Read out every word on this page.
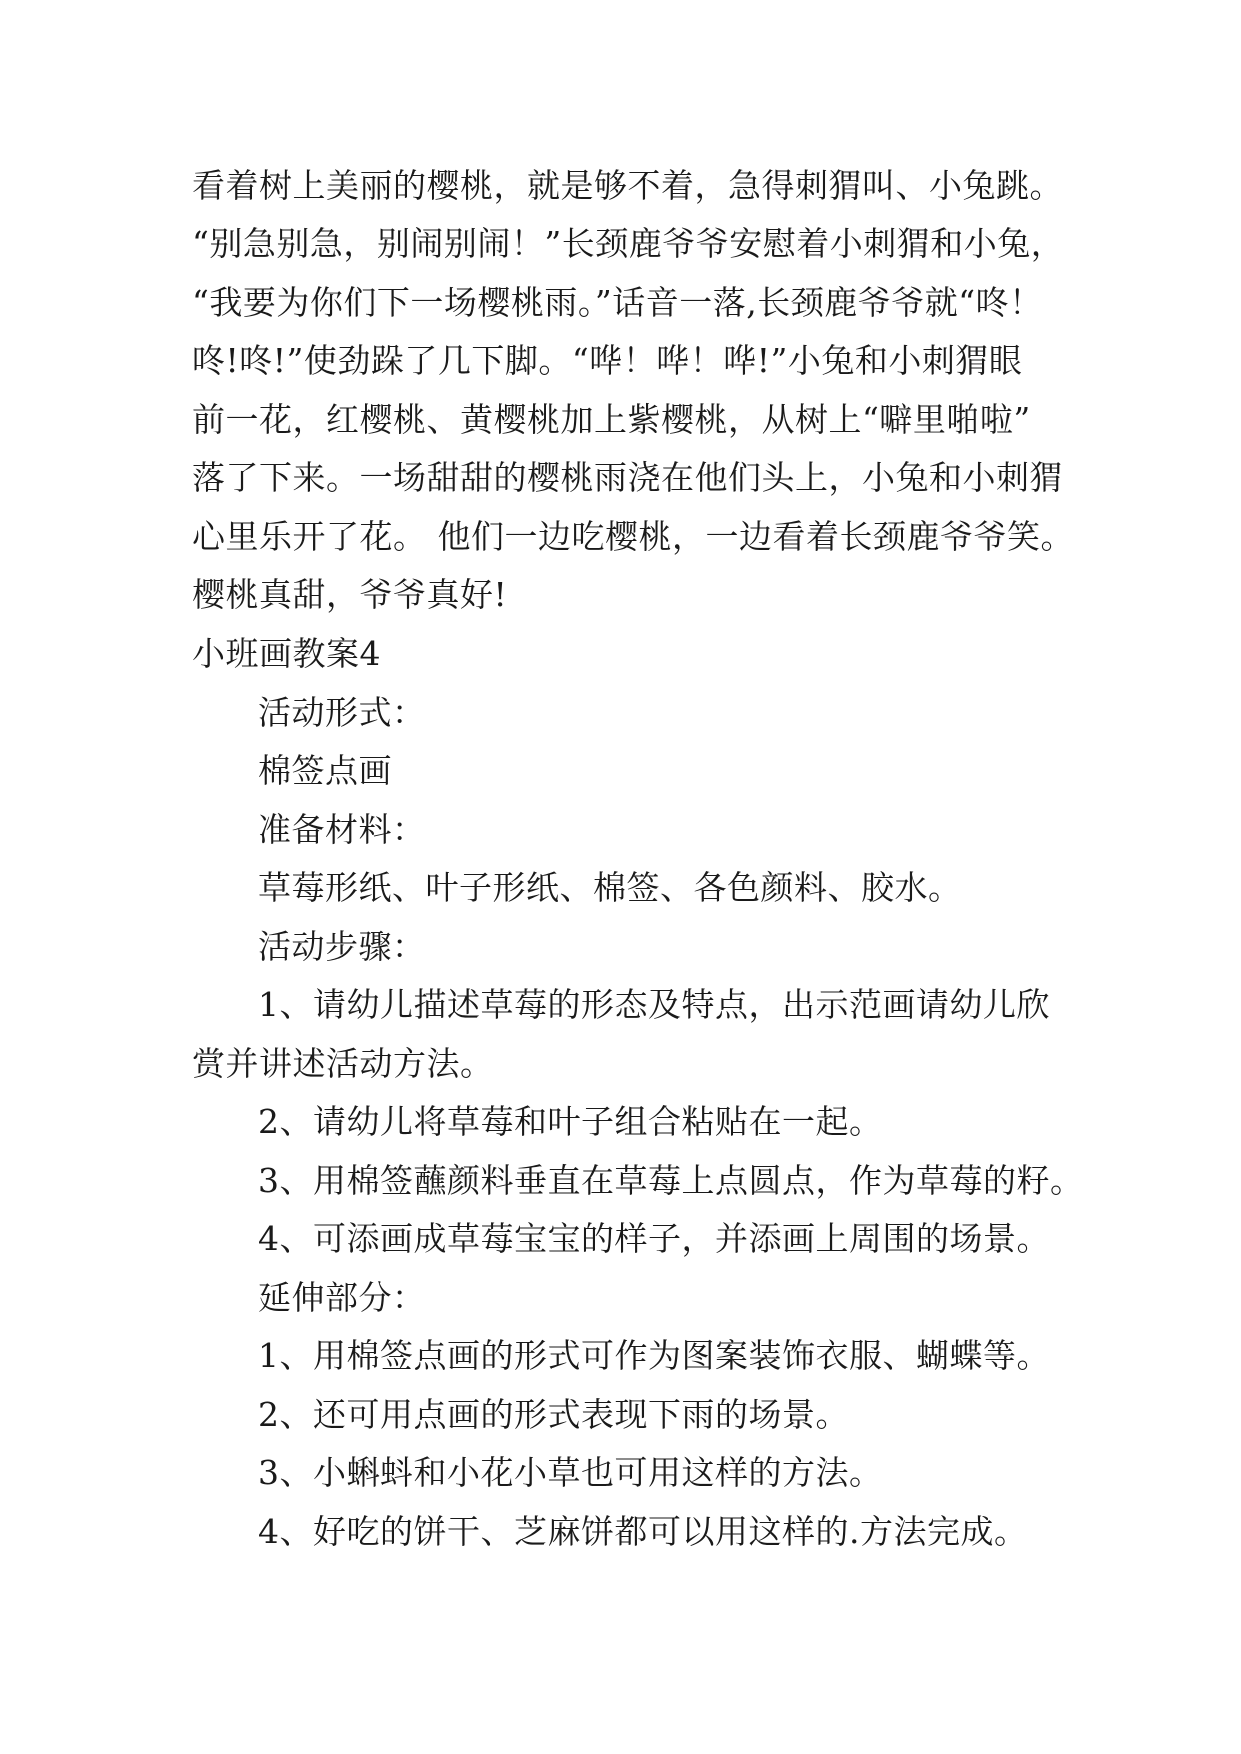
看着树上美丽的樱桃，就是够不着，急得刺猬叫、小兔跳。
“别急别急，别闹别闹！”长颈鹿爷爷安慰着小刺猬和小兔，
“我要为你们下一场樱桃雨。”话音一落,长颈鹿爷爷就“咚！
咚!咚!”使劲跺了几下脚。“哗！哗！哗!”小兔和小刺猬眼
前一花，红樱桃、黄樱桃加上紫樱桃，从树上“噼里啪啦”
落了下来。一场甜甜的樱桃雨浇在他们头上，小兔和小刺猬
心里乐开了花。 他们一边吃樱桃，一边看着长颈鹿爷爷笑。
樱桃真甜，爷爷真好!
小班画教案4
活动形式：
棉签点画
准备材料：
草莓形纸、叶子形纸、棉签、各色颜料、胶水。
活动步骤：
1、请幼儿描述草莓的形态及特点，出示范画请幼儿欣
赏并讲述活动方法。
2、请幼儿将草莓和叶子组合粘贴在一起。
3、用棉签蘸颜料垂直在草莓上点圆点，作为草莓的籽。
4、可添画成草莓宝宝的样子，并添画上周围的场景。
延伸部分：
1、用棉签点画的形式可作为图案装饰衣服、蝴蝶等。
2、还可用点画的形式表现下雨的场景。
3、小蝌蚪和小花小草也可用这样的方法。
4、好吃的饼干、芝麻饼都可以用这样的.方法完成。
